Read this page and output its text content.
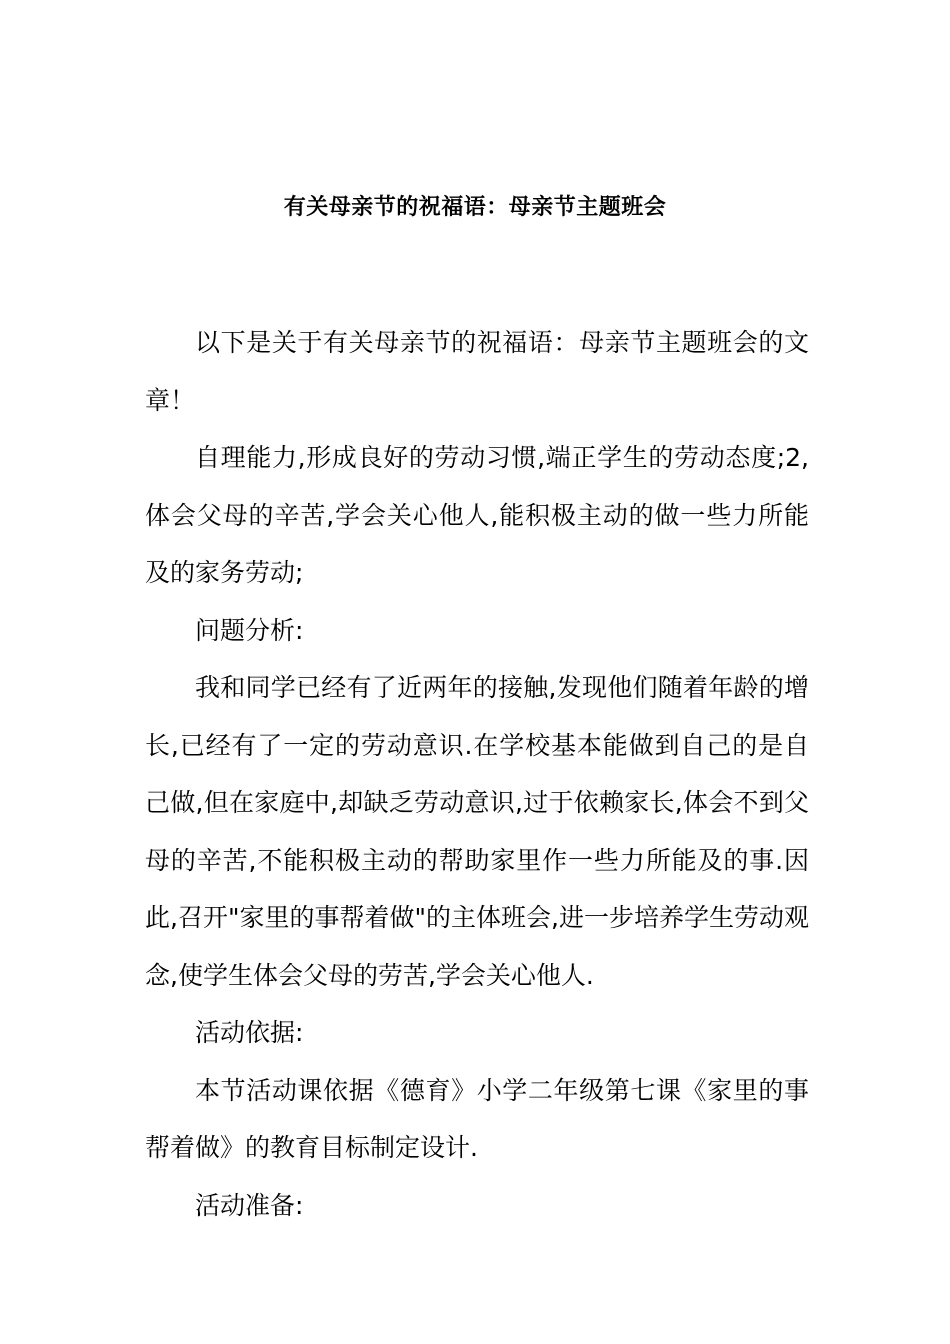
有关母亲节的祝福语：母亲节主题班会

以下是关于有关母亲节的祝福语：母亲节主题班会的文章！

自理能力,形成良好的劳动习惯,端正学生的劳动态度;2,体会父母的辛苦,学会关心他人,能积极主动的做一些力所能及的家务劳动;

问题分析:

我和同学已经有了近两年的接触,发现他们随着年龄的增长,已经有了一定的劳动意识.在学校基本能做到自己的是自己做,但在家庭中,却缺乏劳动意识,过于依赖家长,体会不到父母的辛苦,不能积极主动的帮助家里作一些力所能及的事.因此,召开"家里的事帮着做"的主体班会,进一步培养学生劳动观念,使学生体会父母的劳苦,学会关心他人.

活动依据:

本节活动课依据《德育》小学二年级第七课《家里的事帮着做》的教育目标制定设计.

活动准备:
